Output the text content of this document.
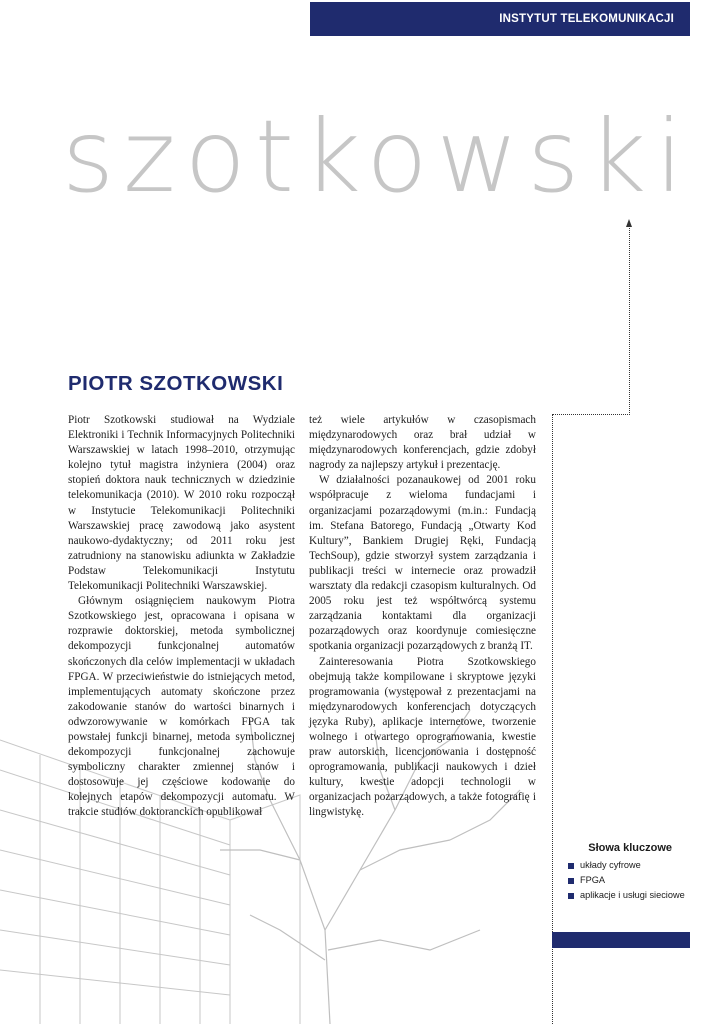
INSTYTUT TELEKOMUNIKACJI
szotkowski
PIOTR SZOTKOWSKI

Piotr Szotkowski studiował na Wydziale Elektroniki i Technik Informacyjnych Politechniki Warszawskiej w latach 1998–2010, otrzymując kolejno tytuł magistra inżyniera (2004) oraz stopień doktora nauk technicznych w dziedzinie telekomunikacja (2010). W 2010 roku rozpoczął w Instytucie Telekomunikacji Politechniki Warszawskiej pracę zawodową jako asystent naukowo-dydaktyczny; od 2011 roku jest zatrudniony na stanowisku adiunkta w Zakładzie Podstaw Telekomunikacji Instytutu Telekomunikacji Politechniki Warszawskiej.

Głównym osiągnięciem naukowym Piotra Szotkowskiego jest, opracowana i opisana w rozprawie doktorskiej, metoda symbolicznej dekompozycji funkcjonalnej automatów skończonych dla celów implementacji w układach FPGA. W przeciwieństwie do istniejących metod, implementujących automaty skończone przez zakodowanie stanów do wartości binarnych i odwzorowywanie w komórkach FPGA tak powstałej funkcji binarnej, metoda symbolicznej dekompozycji funkcjonalnej zachowuje symboliczny charakter zmiennej stanów i dostosowuje jej częściowe kodowanie do kolejnych etapów dekompozycji automatu. W trakcie studiów doktoranckich opublikował

też wiele artykułów w czasopismach międzynarodowych oraz brał udział w międzynarodowych konferencjach, gdzie zdobył nagrody za najlepszy artykuł i prezentację.

W działalności pozanaukowej od 2001 roku współpracuje z wieloma fundacjami i organizacjami pozarządowymi (m.in.: Fundacją im. Stefana Batorego, Fundacją „Otwarty Kod Kultury”, Bankiem Drugiej Ręki, Fundacją TechSoup), gdzie stworzył system zarządzania i publikacji treści w internecie oraz prowadził warsztaty dla redakcji czasopism kulturalnych. Od 2005 roku jest też współtwórcą systemu zarządzania kontaktami dla organizacji pozarządowych oraz koordynuje comiesięczne spotkania organizacji pozarządowych z branżą IT.

Zainteresowania Piotra Szotkowskiego obejmują także kompilowane i skryptowe języki programowania (występował z prezentacjami na międzynarodowych konferencjach dotyczących języka Ruby), aplikacje internetowe, tworzenie wolnego i otwartego oprogramowania, kwestie praw autorskich, licencjonowania i dostępność oprogramowania, publikacji naukowych i dzieł kultury, kwestie adopcji technologii w organizacjach pozarządowych, a także fotografię i lingwistykę.

Słowa kluczowe
układy cyfrowe
FPGA
aplikacje i usługi sieciowe
